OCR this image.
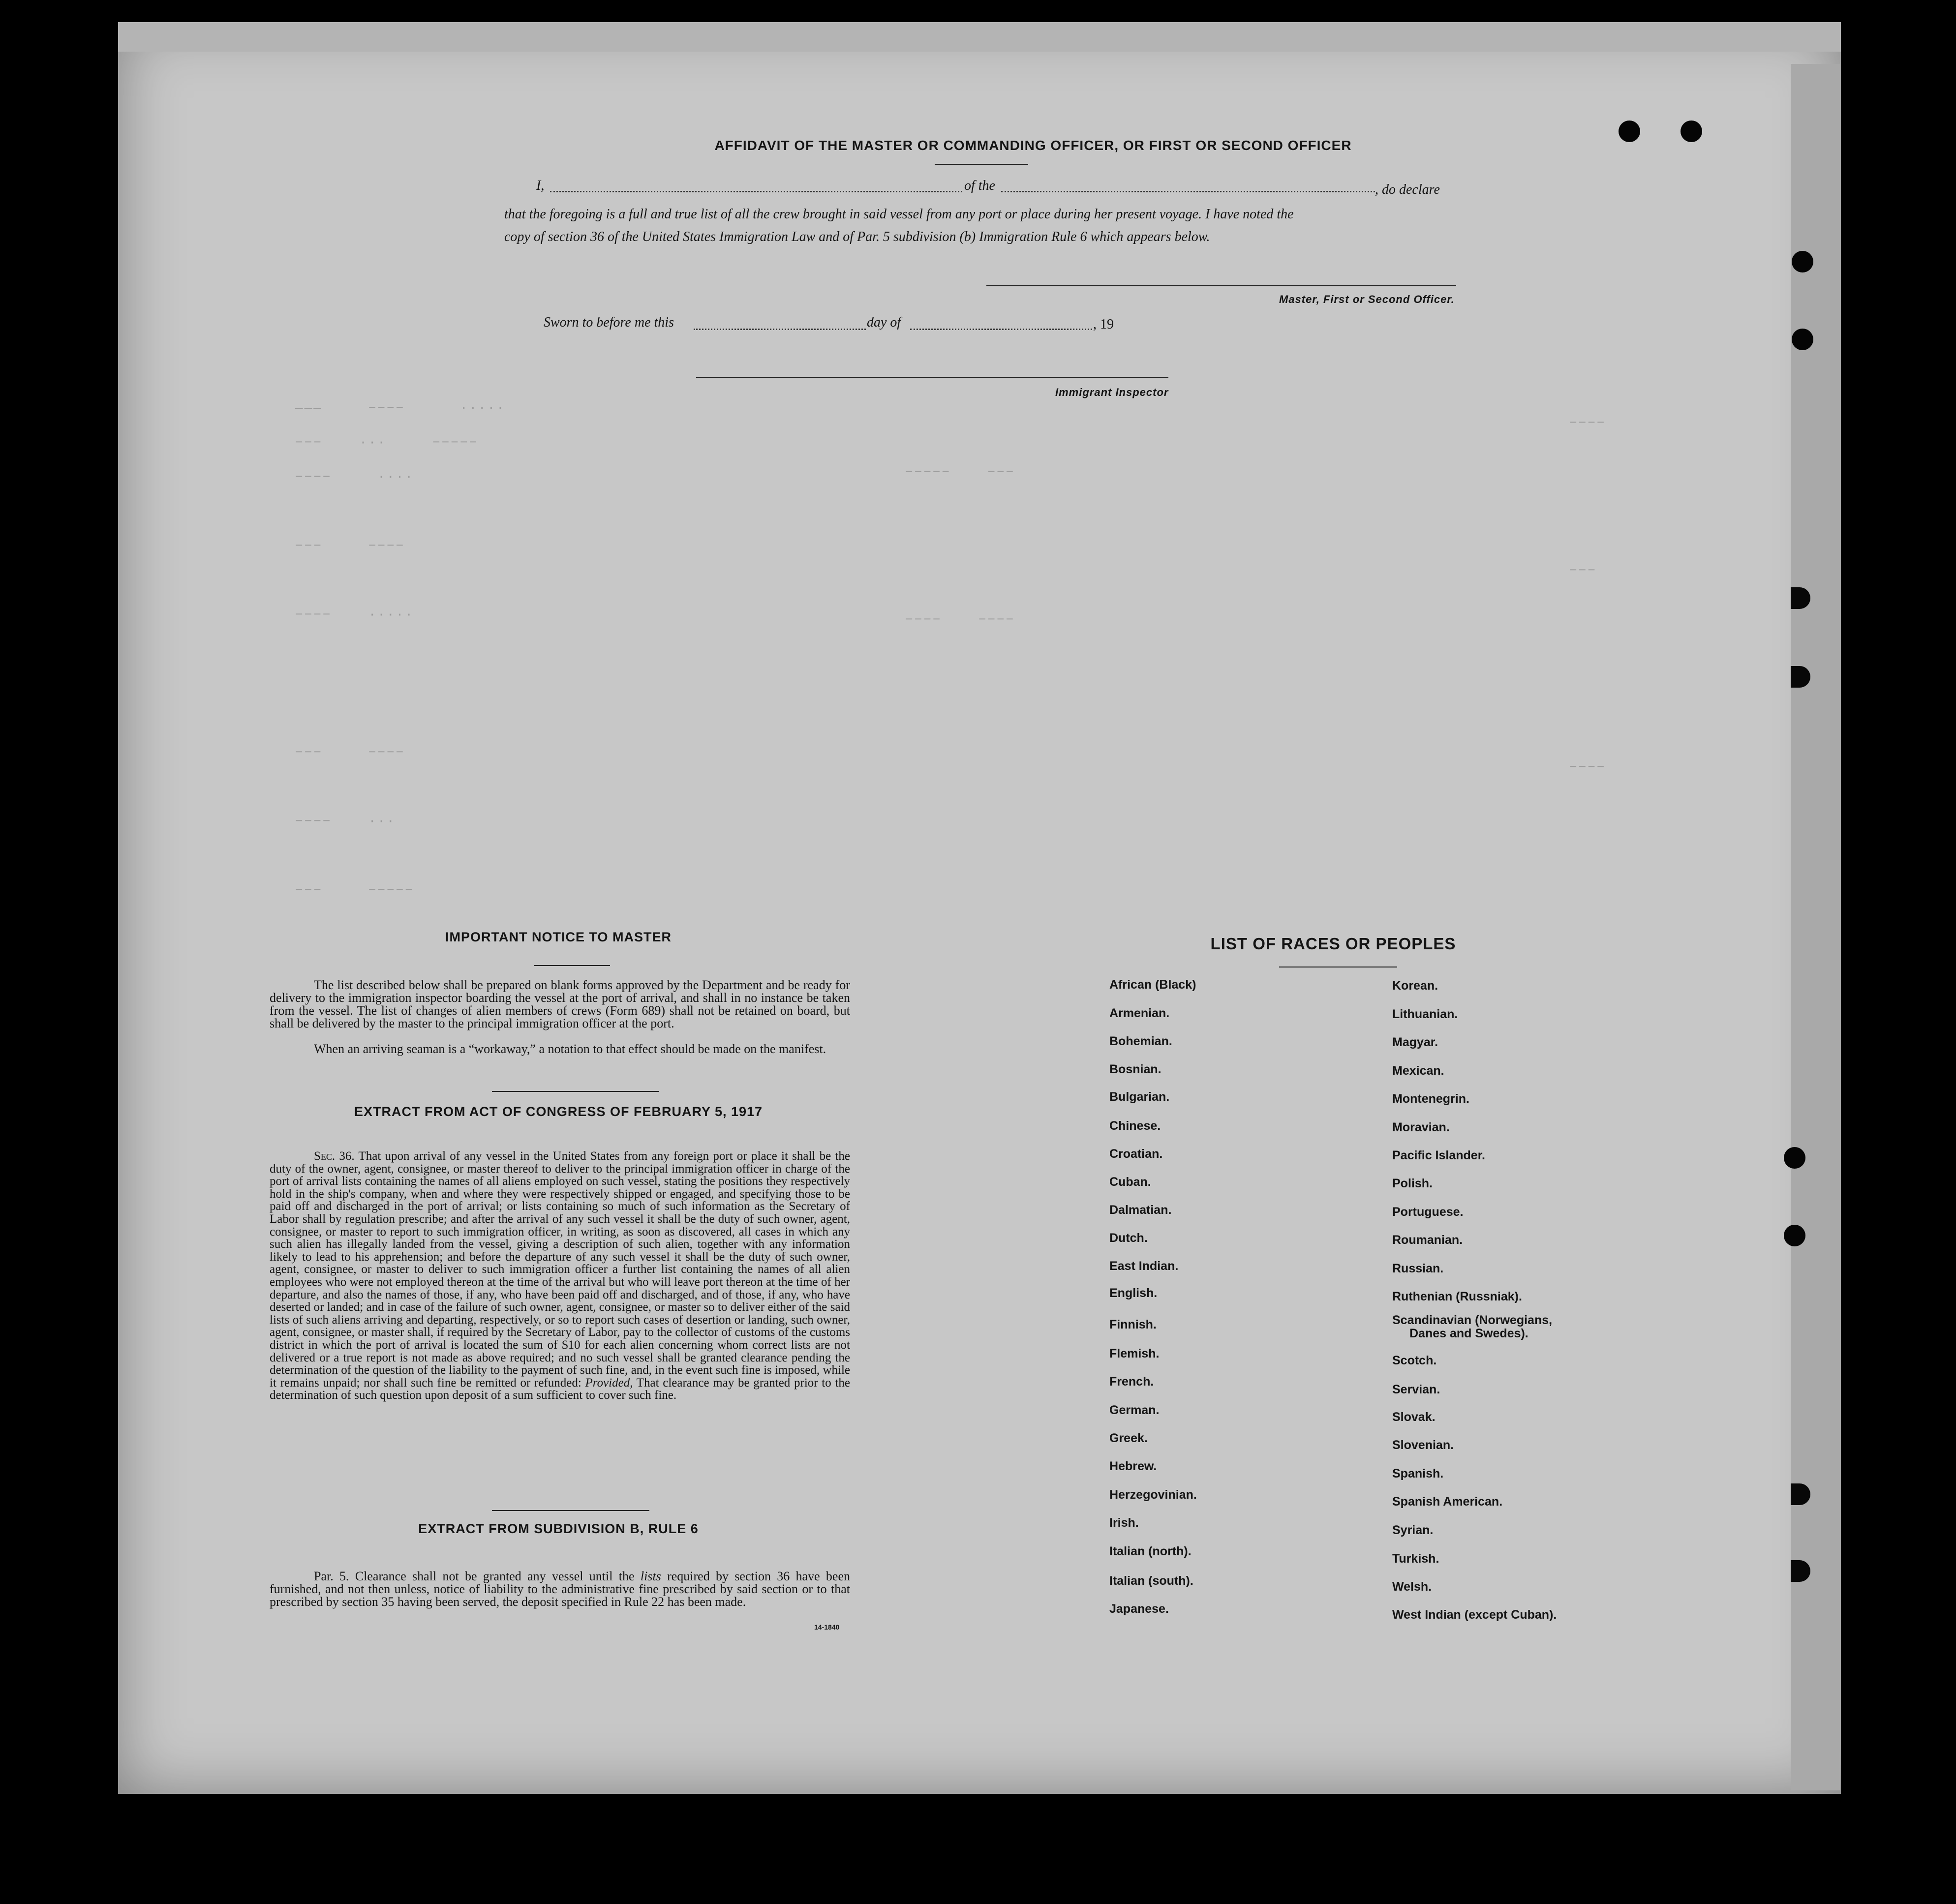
———     −−−−      ·····
−−−    ···     −−−−−
−−−−     ····
−−−     −−−−
−−−−    ·····
−−−     −−−−
−−−−    ···
−−−     −−−−−
−−−−−    −−−
−−−−    −−−−
−−−−
−−−
−−−−
AFFIDAVIT OF THE MASTER OR COMMANDING OFFICER, OR FIRST OR SECOND OFFICER
I,	of the	, do declare
that the foregoing is a full and true list of all the crew brought in said vessel from any port or place during her present voyage. I have noted the
copy of section 36 of the United States Immigration Law and of Par. 5 subdivision (b) Immigration Rule 6 which appears below.
Master, First or Second Officer.
Sworn to before me this	day of	, 19
Immigrant Inspector
IMPORTANT NOTICE TO MASTER
The list described below shall be prepared on blank forms approved by the Department and be ready for delivery to the immigration inspector boarding the vessel at the port of arrival, and shall in no instance be taken from the vessel. The list of changes of alien members of crews (Form 689) shall not be retained on board, but shall be delivered by the master to the principal immigration officer at the port.
When an arriving seaman is a “workaway,” a notation to that effect should be made on the manifest.
EXTRACT FROM ACT OF CONGRESS OF FEBRUARY 5, 1917
Sec. 36. That upon arrival of any vessel in the United States from any foreign port or place it shall be the duty of the owner, agent, consignee, or master thereof to deliver to the principal immigration officer in charge of the port of arrival lists containing the names of all aliens employed on such vessel, stating the positions they respectively hold in the ship's company, when and where they were respectively shipped or engaged, and specifying those to be paid off and discharged in the port of arrival; or lists containing so much of such information as the Secretary of Labor shall by regulation prescribe; and after the arrival of any such vessel it shall be the duty of such owner, agent, consignee, or master to report to such immigration officer, in writing, as soon as discovered, all cases in which any such alien has illegally landed from the vessel, giving a description of such alien, together with any information likely to lead to his apprehension; and before the departure of any such vessel it shall be the duty of such owner, agent, consignee, or master to deliver to such immigration officer a further list containing the names of all alien employees who were not employed thereon at the time of the arrival but who will leave port thereon at the time of her departure, and also the names of those, if any, who have been paid off and discharged, and of those, if any, who have deserted or landed; and in case of the failure of such owner, agent, consignee, or master so to deliver either of the said lists of such aliens arriving and departing, respectively, or so to report such cases of desertion or landing, such owner, agent, consignee, or master shall, if required by the Secretary of Labor, pay to the collector of customs of the customs district in which the port of arrival is located the sum of $10 for each alien concerning whom correct lists are not delivered or a true report is not made as above required; and no such vessel shall be granted clearance pending the determination of the question of the liability to the payment of such fine, and, in the event such fine is imposed, while it remains unpaid; nor shall such fine be remitted or refunded: Provided, That clearance may be granted prior to the determination of such question upon deposit of a sum sufficient to cover such fine.
EXTRACT FROM SUBDIVISION B, RULE 6
Par. 5. Clearance shall not be granted any vessel until the lists required by section 36 have been furnished, and not then unless, notice of liability to the administrative fine prescribed by said section or to that prescribed by section 35 having been served, the deposit specified in Rule 22 has been made.
14-1840
LIST OF RACES OR PEOPLES
African (Black)
Armenian.
Bohemian.
Bosnian.
Bulgarian.
Chinese.
Croatian.
Cuban.
Dalmatian.
Dutch.
East Indian.
English.
Finnish.
Flemish.
French.
German.
Greek.
Hebrew.
Herzegovinian.
Irish.
Italian (north).
Italian (south).
Japanese.
Korean.
Lithuanian.
Magyar.
Mexican.
Montenegrin.
Moravian.
Pacific Islander.
Polish.
Portuguese.
Roumanian.
Russian.
Ruthenian (Russniak).
Scandinavian (Norwegians,
Danes and Swedes).
Scotch.
Servian.
Slovak.
Slovenian.
Spanish.
Spanish American.
Syrian.
Turkish.
Welsh.
West Indian (except Cuban).
